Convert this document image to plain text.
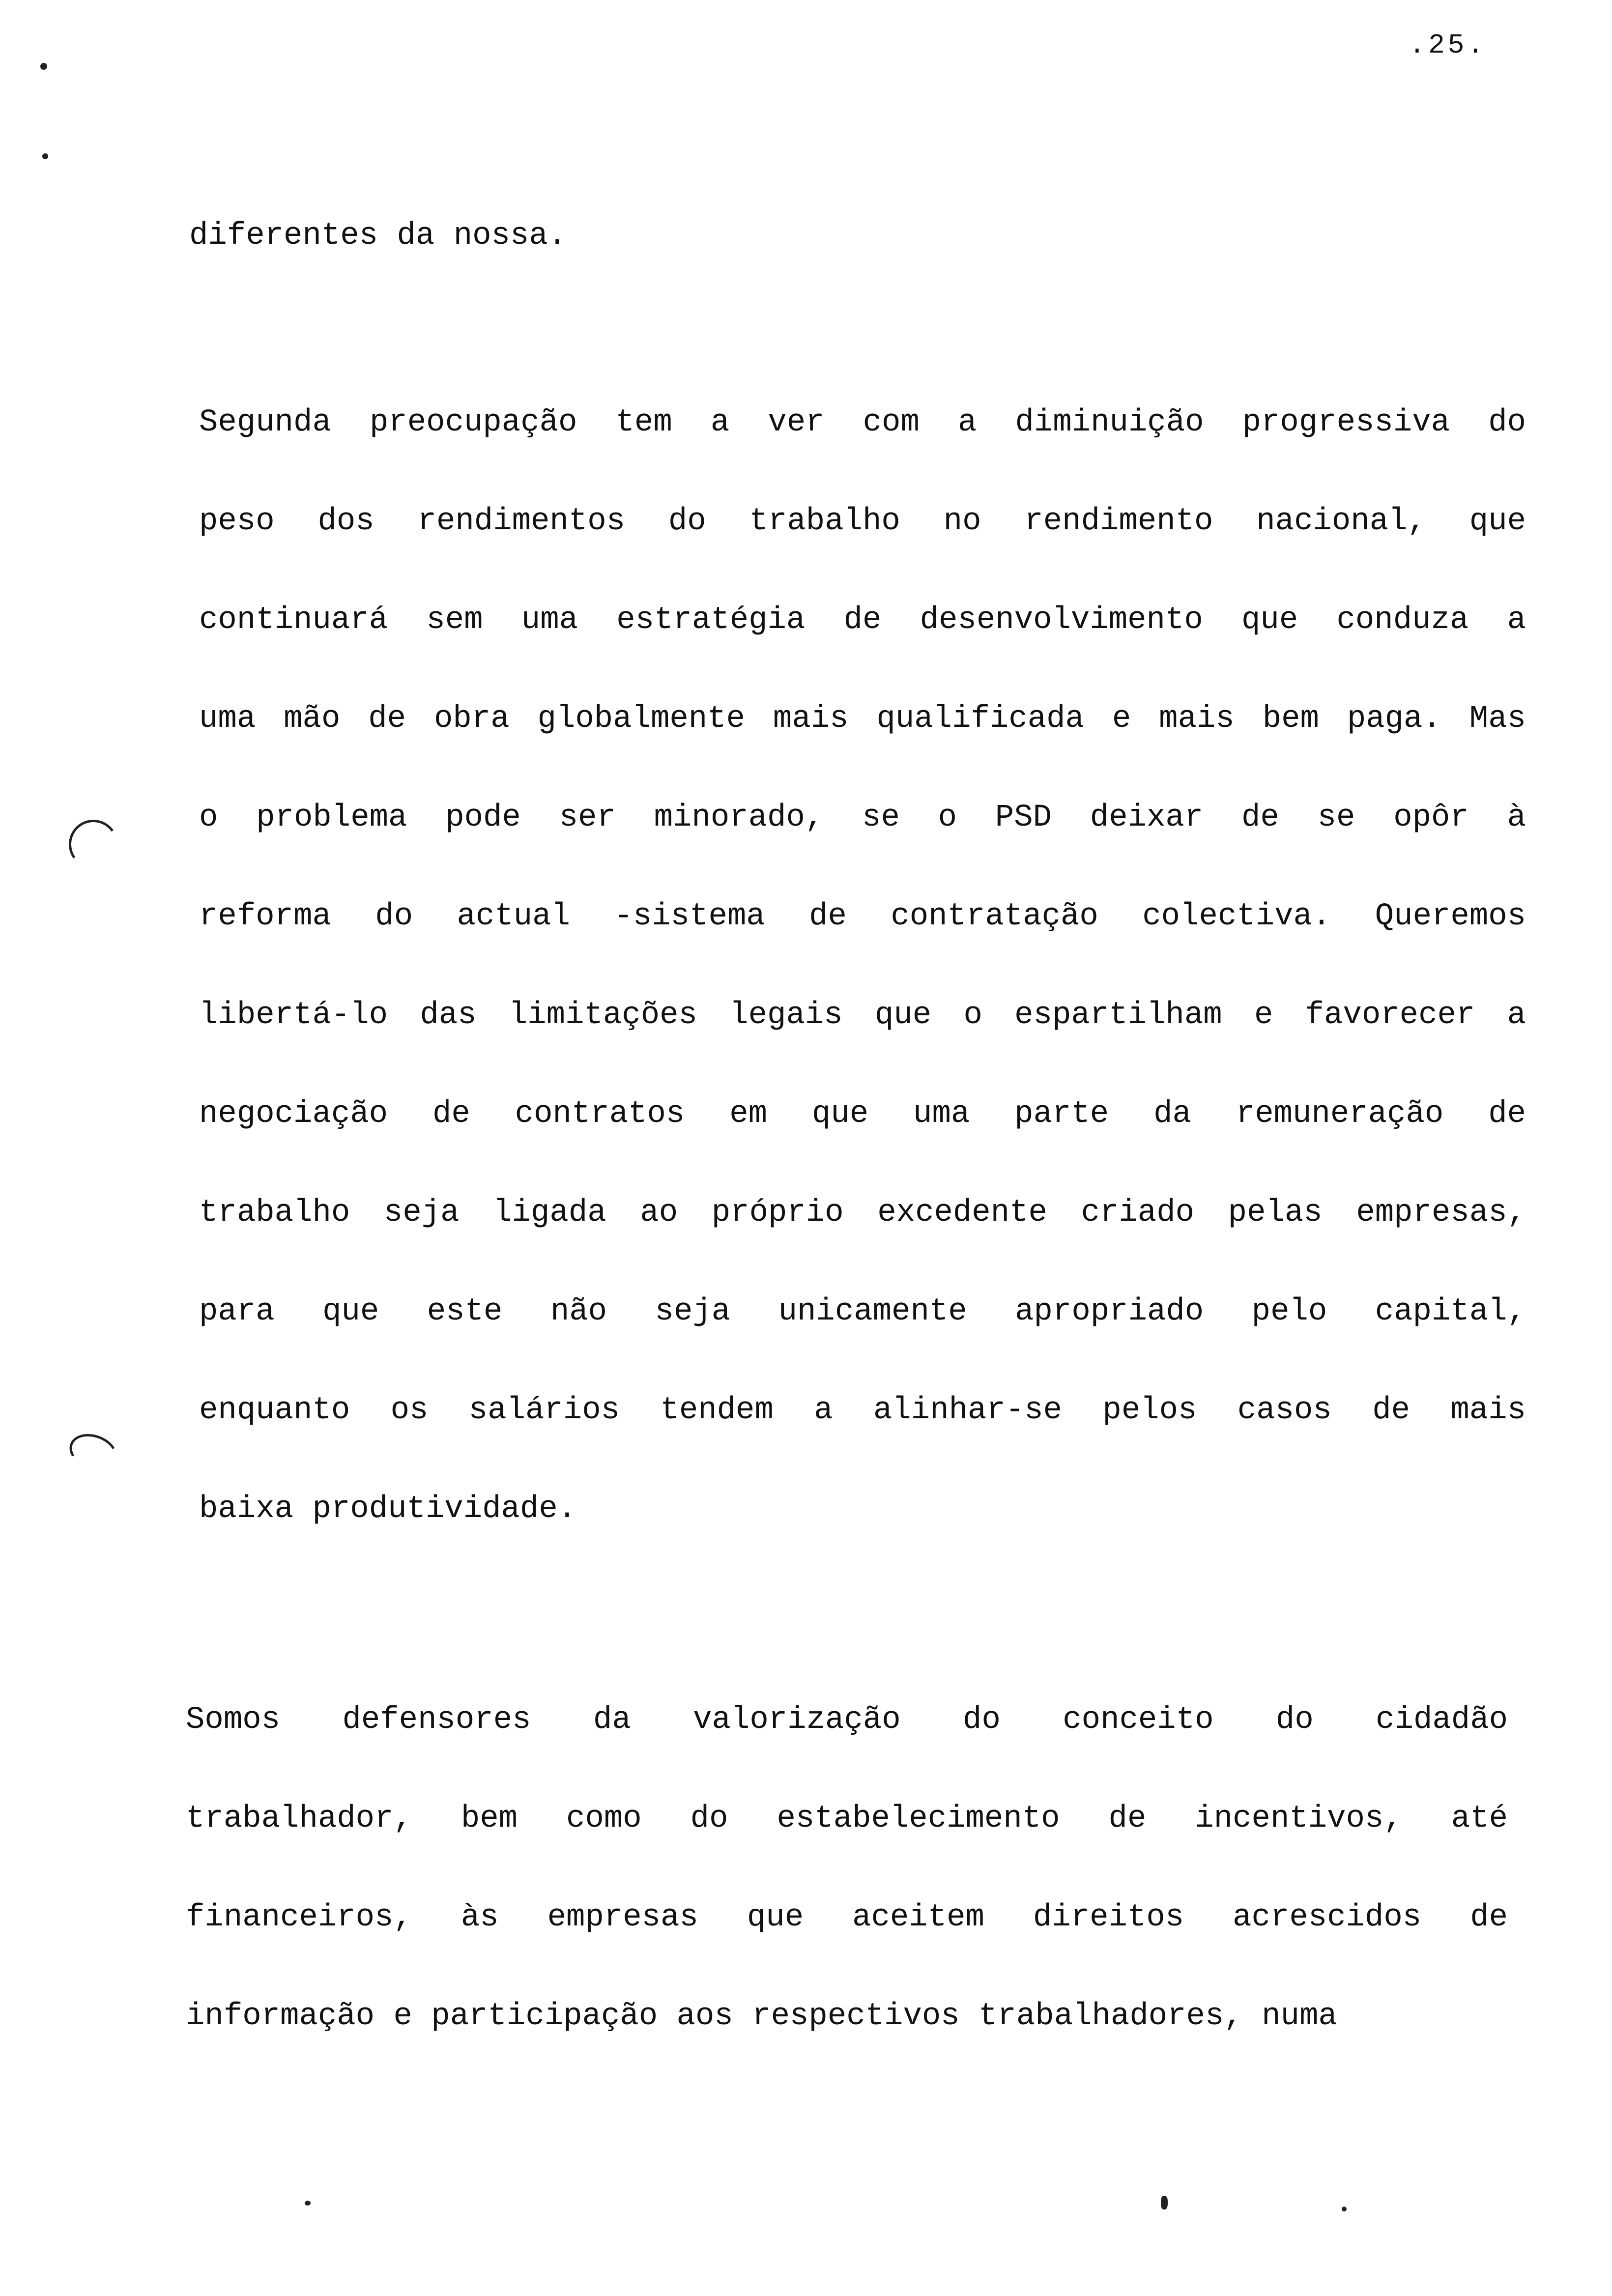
.25.
diferentes da nossa.
Segunda preocupação tem a ver com a diminuição progressiva do
peso dos rendimentos do trabalho no rendimento nacional, que
continuará sem uma estratégia de desenvolvimento que conduza a
uma mão de obra globalmente mais qualificada e mais bem paga. Mas
o problema pode ser minorado, se o PSD deixar de se opôr à
reforma do actual -sistema de contratação colectiva. Queremos
libertá-lo das limitações legais que o espartilham e favorecer a
negociação de contratos em que uma parte da remuneração de
trabalho seja ligada ao próprio excedente criado pelas empresas,
para que este não seja unicamente apropriado pelo capital,
enquanto os salários tendem a alinhar-se pelos casos de mais
baixa produtividade.
Somos defensores da valorização do conceito do cidadão
trabalhador, bem como do estabelecimento de incentivos, até
financeiros, às empresas que aceitem direitos acrescidos de
informação e participação aos respectivos trabalhadores, numa
